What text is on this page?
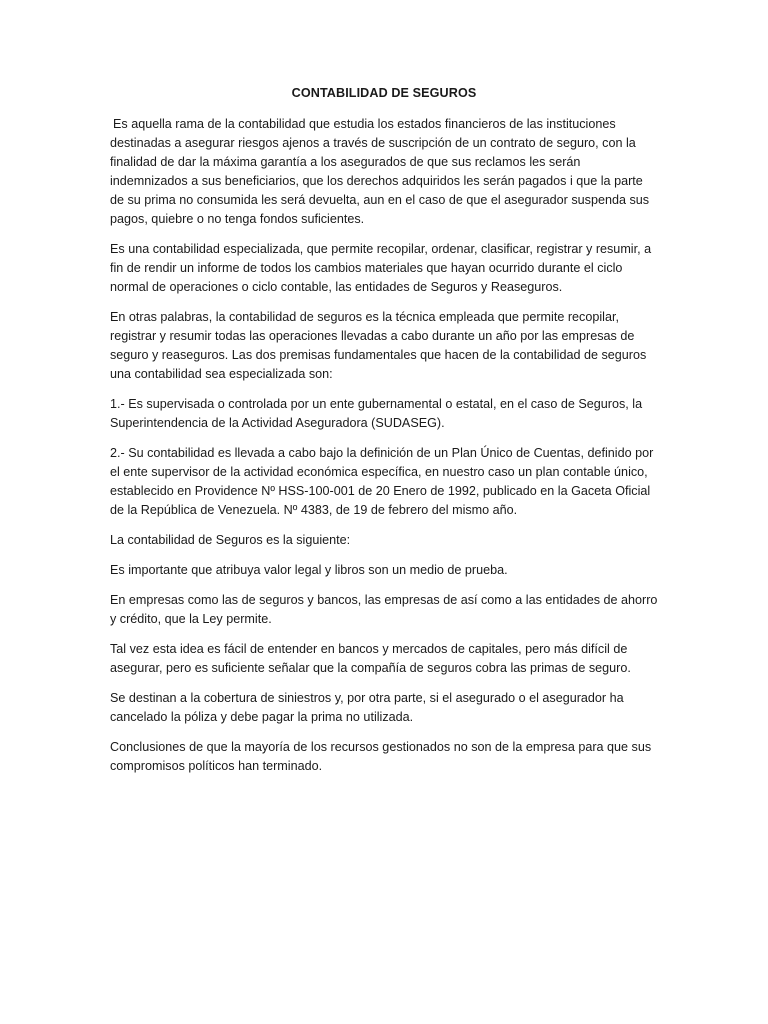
CONTABILIDAD DE SEGUROS

Es aquella rama de la contabilidad que estudia los estados financieros de las instituciones destinadas a asegurar riesgos ajenos a través de suscripción de un contrato de seguro, con la finalidad de dar la máxima garantía a los asegurados de que sus reclamos les serán indemnizados a sus beneficiarios, que los derechos adquiridos les serán pagados i que la parte de su prima no consumida les será devuelta, aun en el caso de que el asegurador suspenda sus pagos, quiebre o no tenga fondos suficientes.

Es una contabilidad especializada, que permite recopilar, ordenar, clasificar, registrar y resumir, a fin de rendir un informe de todos los cambios materiales que hayan ocurrido durante el ciclo normal de operaciones o ciclo contable, las entidades de Seguros y Reaseguros.

En otras palabras, la contabilidad de seguros es la técnica empleada que permite recopilar, registrar y resumir todas las operaciones llevadas a cabo durante un año por las empresas de seguro y reaseguros. Las dos premisas fundamentales que hacen de la contabilidad de seguros una contabilidad sea especializada son:

1.- Es supervisada o controlada por un ente gubernamental o estatal, en el caso de Seguros, la Superintendencia de la Actividad Aseguradora (SUDASEG).

2.- Su contabilidad es llevada a cabo bajo la definición de un Plan Único de Cuentas, definido por el ente supervisor de la actividad económica específica, en nuestro caso un plan contable único, establecido en Providence Nº HSS-100-001 de 20 Enero de 1992, publicado en la Gaceta Oficial de la República de Venezuela. Nº 4383, de 19 de febrero del mismo año.

La contabilidad de Seguros es la siguiente:

Es importante que atribuya valor legal y libros son un medio de prueba.

En empresas como las de seguros y bancos, las empresas de así como a las entidades de ahorro y crédito, que la Ley permite.

Tal vez esta idea es fácil de entender en bancos y mercados de capitales, pero más difícil de asegurar, pero es suficiente señalar que la compañía de seguros cobra las primas de seguro.

Se destinan a la cobertura de siniestros y, por otra parte, si el asegurado o el asegurador ha cancelado la póliza y debe pagar la prima no utilizada.

Conclusiones de que la mayoría de los recursos gestionados no son de la empresa para que sus compromisos políticos han terminado.
